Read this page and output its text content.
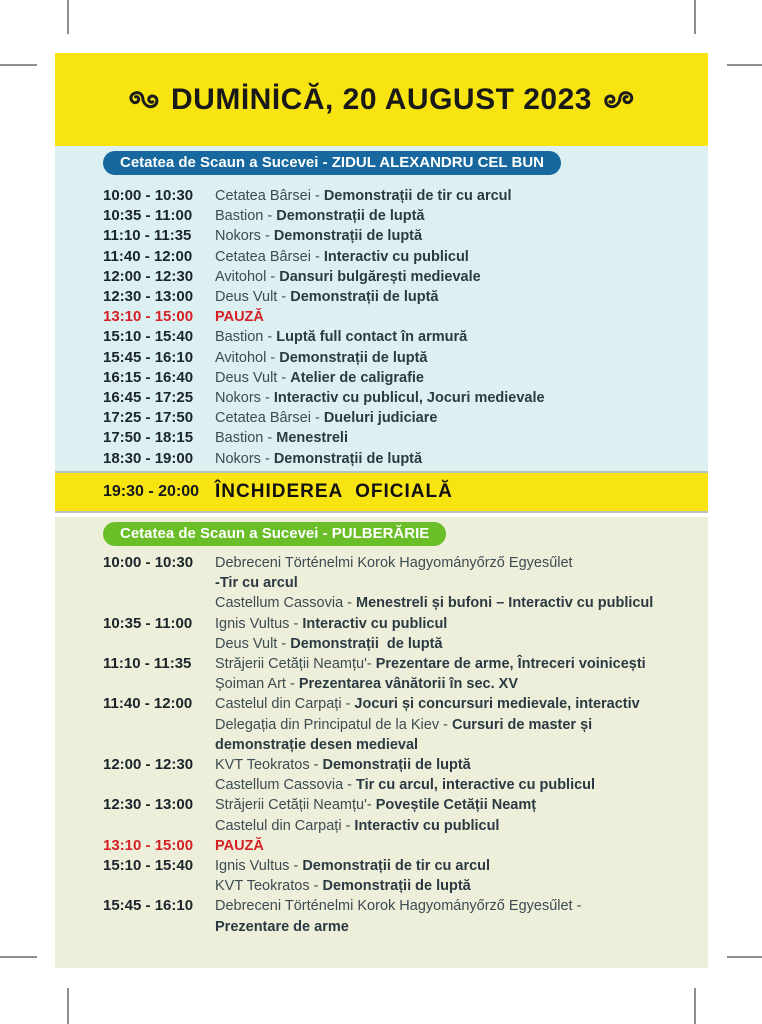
DUMİNİCĂ, 20 AUGUST 2023

Cetatea de Scaun a Sucevei - ZIDUL ALEXANDRU CEL BUN
10:00 - 10:30	Cetatea Bârsei - Demonstrații de tir cu arcul
10:35 - 11:00	Bastion - Demonstrații de luptă
11:10 - 11:35	Nokors - Demonstrații de luptă
11:40 - 12:00	Cetatea Bârsei - Interactiv cu publicul
12:00 - 12:30	Avitohol - Dansuri bulgărești medievale
12:30 - 13:00	Deus Vult - Demonstrații de luptă
13:10 - 15:00	PAUZĂ
15:10 - 15:40	Bastion - Luptă full contact în armură
15:45 - 16:10	Avitohol - Demonstrații de luptă
16:15 - 16:40	Deus Vult - Atelier de caligrafie
16:45 - 17:25	Nokors - Interactiv cu publicul, Jocuri medievale
17:25 - 17:50	Cetatea Bârsei - Dueluri judiciare
17:50 - 18:15	Bastion - Menestreli
18:30 - 19:00	Nokors - Demonstrații de luptă
19:30 - 20:00 ÎNCHIDEREA  OFICIALĂ
Cetatea de Scaun a Sucevei - PULBERĂRIE
10:00 - 10:30	Debreceni Történelmi Korok Hagyományőrző Egyesűlet
-Tir cu arcul
Castellum Cassovia - Menestreli și bufoni – Interactiv cu publicul
10:35 - 11:00	Ignis Vultus - Interactiv cu publicul
Deus Vult - Demonstrații  de luptă
11:10 - 11:35	Străjerii Cetății Neamțu'- Prezentare de arme, Întreceri voinicești
Șoiman Art - Prezentarea vânătorii în sec. XV
11:40 - 12:00	Castelul din Carpați - Jocuri și concursuri medievale, interactiv
Delegația din Principatul de la Kiev - Cursuri de master și
demonstrație desen medieval
12:00 - 12:30	KVT Teokratos - Demonstrații de luptă
Castellum Cassovia - Tir cu arcul, interactive cu publicul
12:30 - 13:00	Străjerii Cetății Neamțu'- Poveștile Cetății Neamț
Castelul din Carpați - Interactiv cu publicul
13:10 - 15:00	PAUZĂ
15:10 - 15:40	Ignis Vultus - Demonstrații de tir cu arcul
KVT Teokratos - Demonstrații de luptă
15:45 - 16:10	Debreceni Történelmi Korok Hagyományőrző Egyesűlet -
Prezentare de arme
